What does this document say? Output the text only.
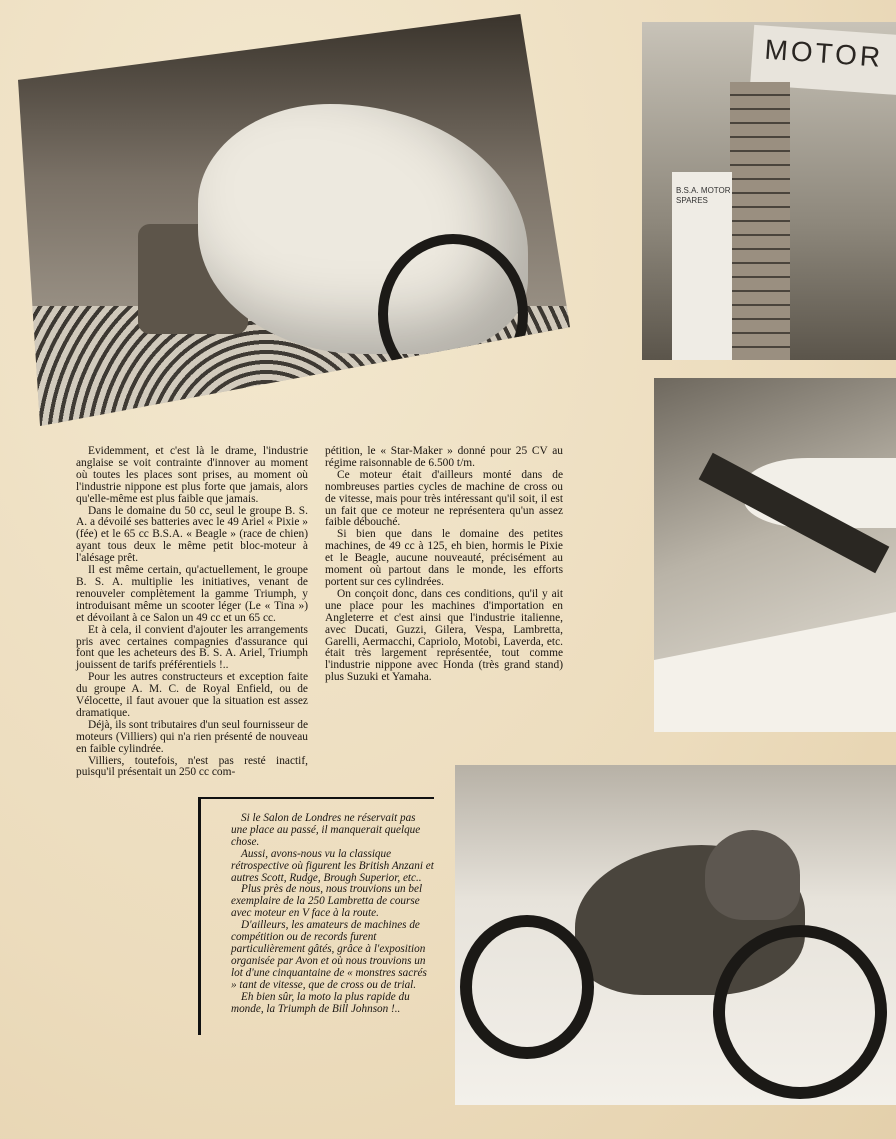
MOTOR
B.S.A. MOTOR SPARES

Evidemment, et c'est là le drame, l'industrie anglaise se voit contrainte d'innover au moment où toutes les places sont prises, au moment où l'industrie nippone est plus forte que jamais, alors qu'elle-même est plus faible que jamais.

Dans le domaine du 50 cc, seul le groupe B. S. A. a dévoilé ses batteries avec le 49 Ariel « Pixie » (fée) et le 65 cc B.S.A. « Beagle » (race de chien) ayant tous deux le même petit bloc-moteur à l'alésage prêt.

Il est même certain, qu'actuellement, le groupe B. S. A. multiplie les initiatives, venant de renouveler complètement la gamme Triumph, y introduisant même un scooter léger (Le « Tina ») et dévoilant à ce Salon un 49 cc et un 65 cc.

Et à cela, il convient d'ajouter les arrangements pris avec certaines compagnies d'assurance qui font que les acheteurs des B. S. A. Ariel, Triumph jouissent de tarifs préférentiels !..

Pour les autres constructeurs et exception faite du groupe A. M. C. de Royal Enfield, ou de Vélocette, il faut avouer que la situation est assez dramatique.

Déjà, ils sont tributaires d'un seul fournisseur de moteurs (Villiers) qui n'a rien présenté de nouveau en faible cylindrée.

Villiers, toutefois, n'est pas resté inactif, puisqu'il présentait un 250 cc com-

pétition, le « Star-Maker » donné pour 25 CV au régime raisonnable de 6.500 t/m.

Ce moteur était d'ailleurs monté dans de nombreuses parties cycles de machine de cross ou de vitesse, mais pour très intéressant qu'il soit, il est un fait que ce moteur ne représentera qu'un assez faible débouché.

Si bien que dans le domaine des petites machines, de 49 cc à 125, eh bien, hormis le Pixie et le Beagle, aucune nouveauté, précisément au moment où partout dans le monde, les efforts portent sur ces cylindrées.

On conçoit donc, dans ces conditions, qu'il y ait une place pour les machines d'importation en Angleterre et c'est ainsi que l'industrie italienne, avec Ducati, Guzzi, Gilera, Vespa, Lambretta, Garelli, Aermacchi, Capriolo, Motobi, Laverda, etc. était très largement représentée, tout comme l'industrie nippone avec Honda (très grand stand) plus Suzuki et Yamaha.

Si le Salon de Londres ne réservait pas une place au passé, il manquerait quelque chose.

Aussi, avons-nous vu la classique rétrospective où figurent les British Anzani et autres Scott, Rudge, Brough Superior, etc..

Plus près de nous, nous trouvions un bel exemplaire de la 250 Lambretta de course avec moteur en V face à la route.

D'ailleurs, les amateurs de machines de compétition ou de records furent particulièrement gâtés, grâce à l'exposition organisée par Avon et où nous trouvions un lot d'une cinquantaine de « monstres sacrés » tant de vitesse, que de cross ou de trial.

Eh bien sûr, la moto la plus rapide du monde, la Triumph de Bill Johnson !..
